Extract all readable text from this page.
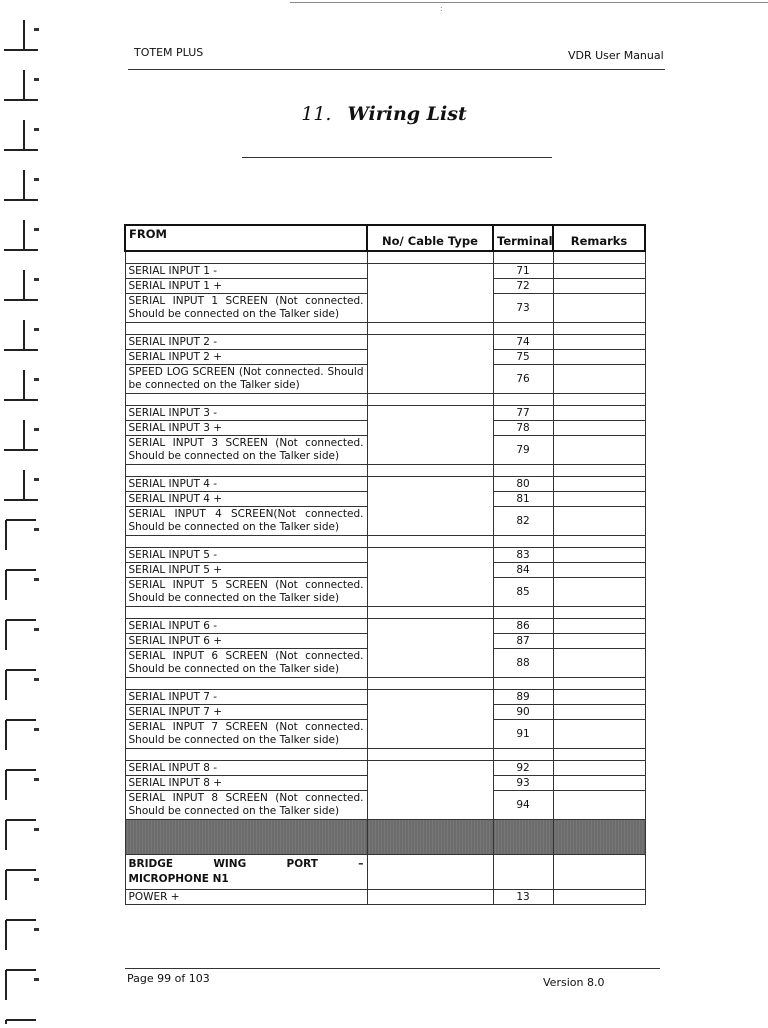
:
TOTEM PLUS	VDR User Manual
11. Wiring List
FROM	No/ Cable Type	Terminal	Remarks

SERIAL INPUT 1 -		71	
SERIAL INPUT 1 +		72	
SERIAL INPUT 1 SCREEN (Not connected. Should be connected on the Talker side)		73	

SERIAL INPUT 2 -		74	
SERIAL INPUT 2 +		75	
SPEED LOG SCREEN (Not connected. Should be connected on the Talker side)		76	

SERIAL INPUT 3 -		77	
SERIAL INPUT 3 +		78	
SERIAL INPUT 3 SCREEN (Not connected. Should be connected on the Talker side)		79	

SERIAL INPUT 4 -		80	
SERIAL INPUT 4 +		81	
SERIAL INPUT 4 SCREEN(Not connected. Should be connected on the Talker side)		82	

SERIAL INPUT 5 -		83	
SERIAL INPUT 5 +		84	
SERIAL INPUT 5 SCREEN (Not connected. Should be connected on the Talker side)		85	

SERIAL INPUT 6 -		86	
SERIAL INPUT 6 +		87	
SERIAL INPUT 6 SCREEN (Not connected. Should be connected on the Talker side)		88	

SERIAL INPUT 7 -		89	
SERIAL INPUT 7 +		90	
SERIAL INPUT 7 SCREEN (Not connected. Should be connected on the Talker side)		91	

SERIAL INPUT 8 -		92	
SERIAL INPUT 8 +		93	
SERIAL INPUT 8 SCREEN (Not connected. Should be connected on the Talker side)		94	

BRIDGE WING PORT –
MICROPHONE N1			

POWER +		13	
Page 99 of 103	Version 8.0
